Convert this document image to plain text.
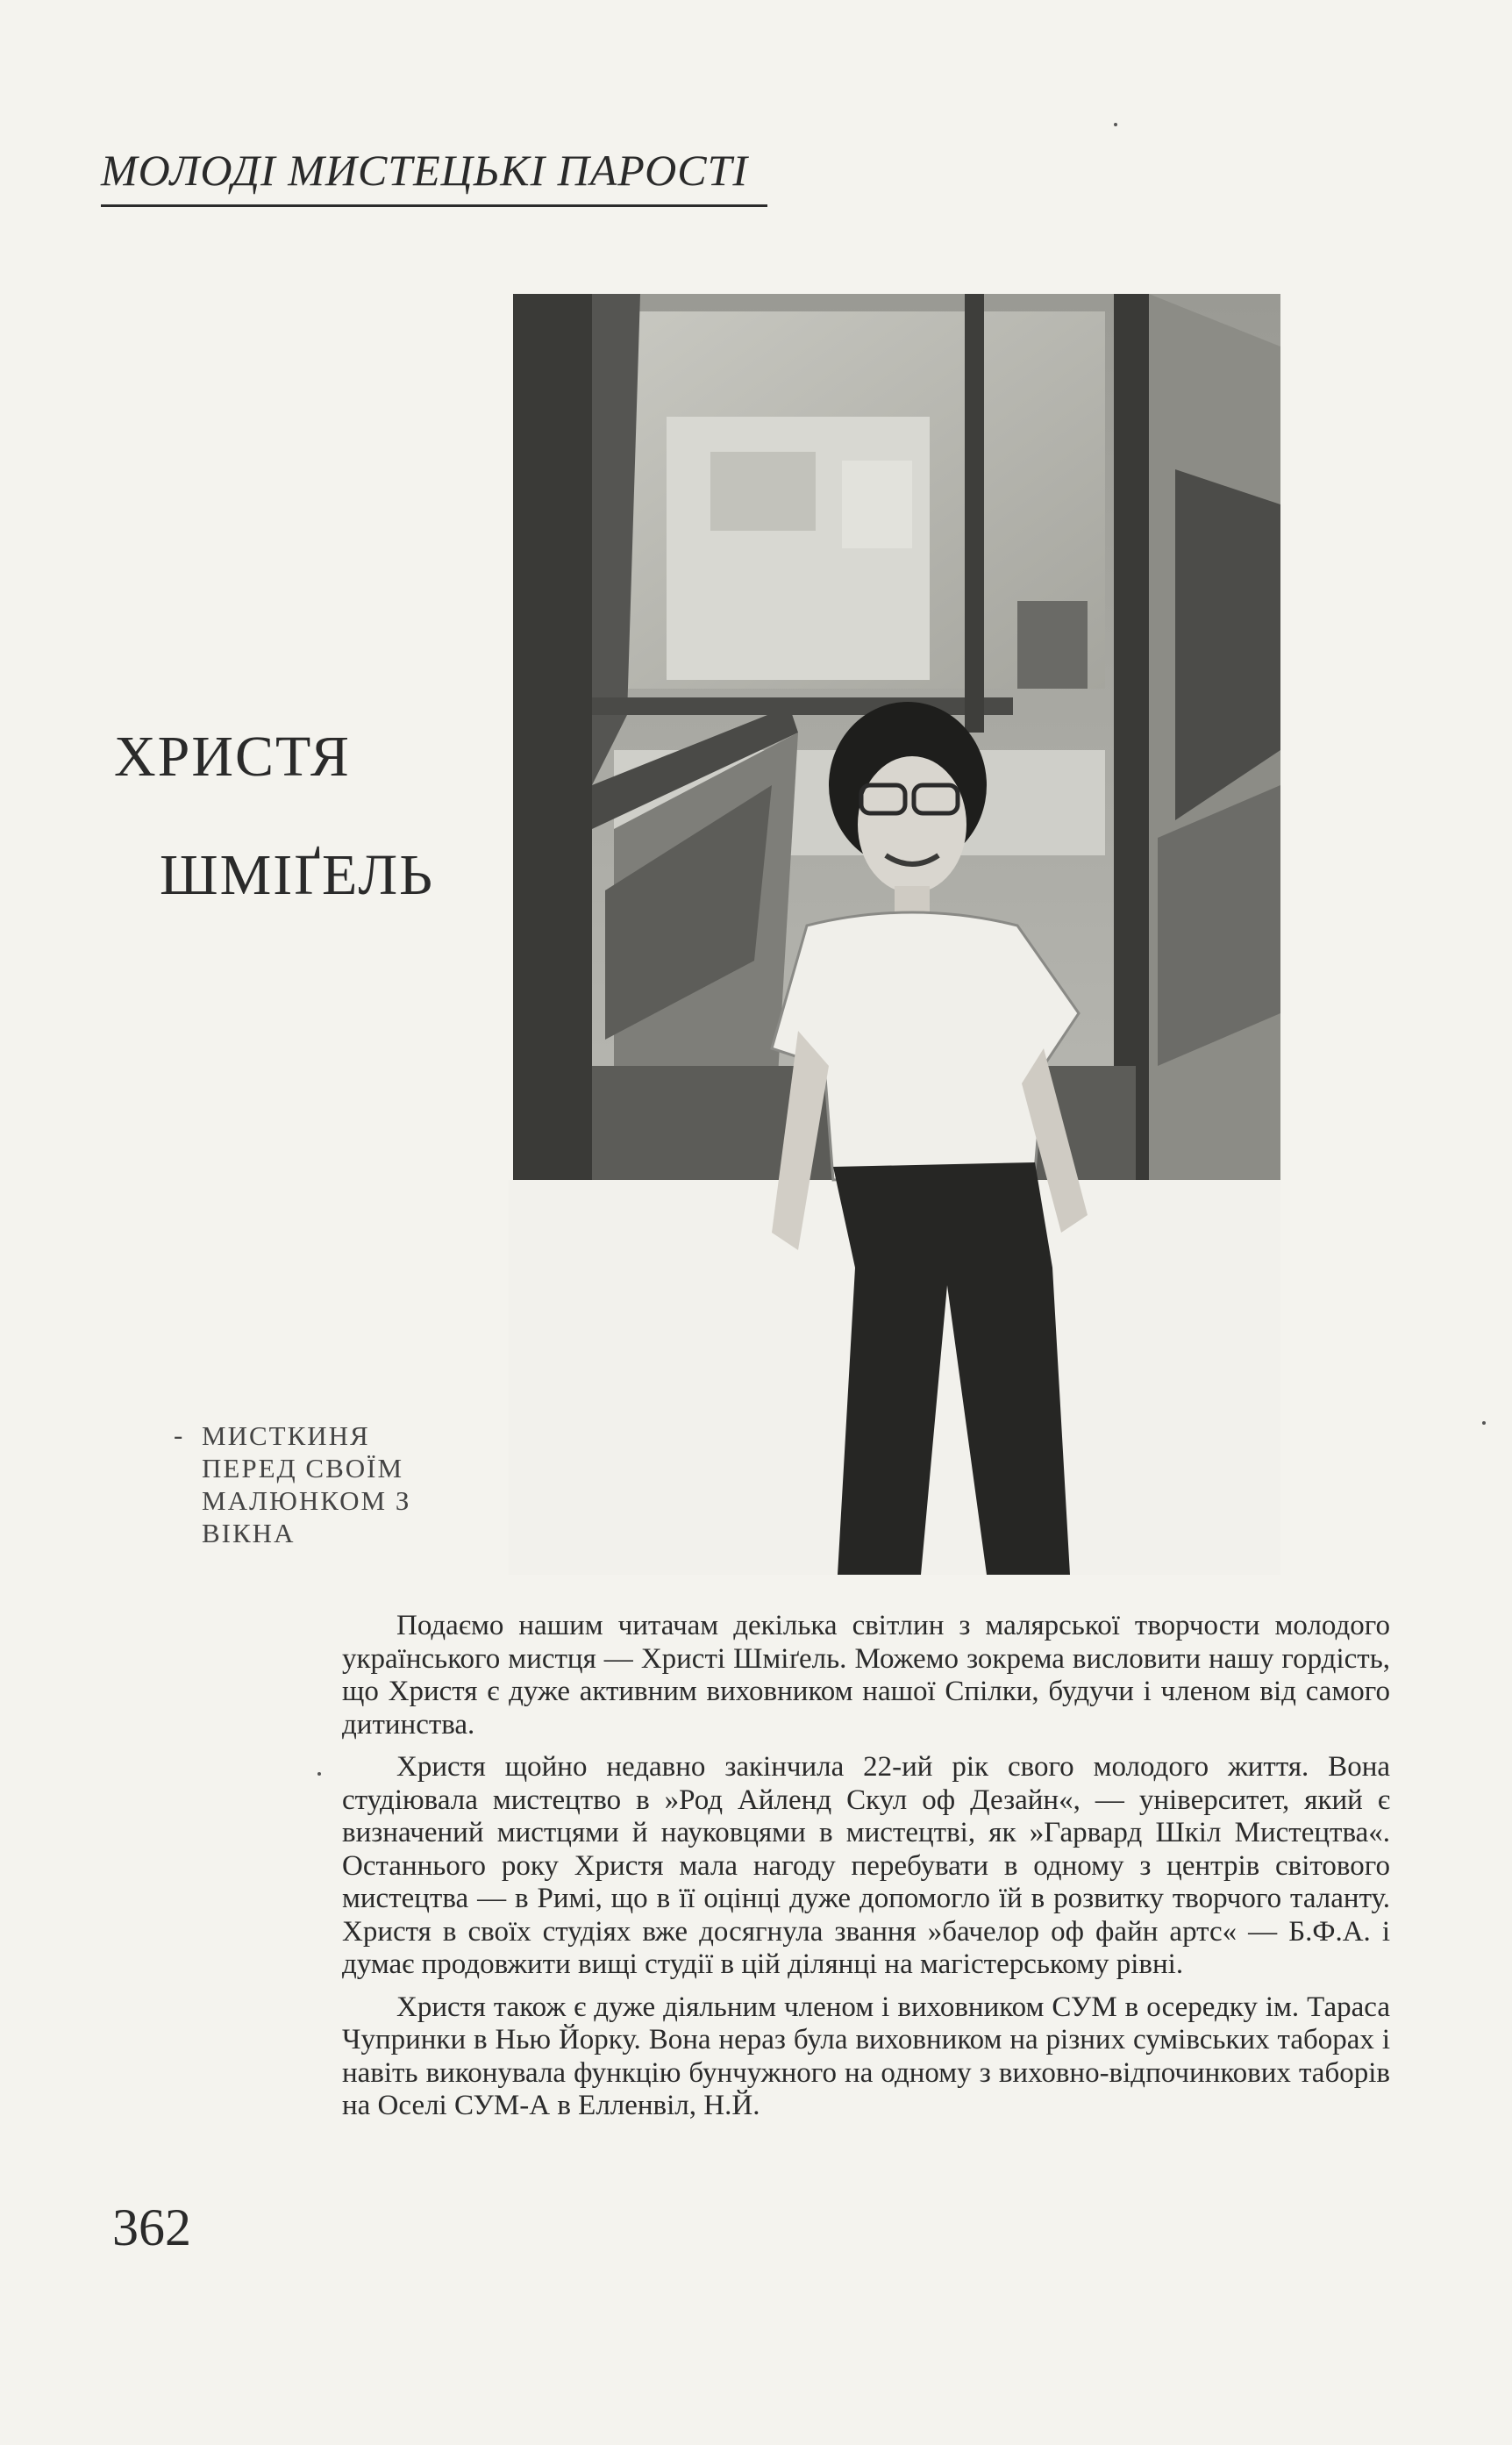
МОЛОДІ МИСТЕЦЬКІ ПАРОСТІ
ХРИСТЯ
ШМІҐЕЛЬ
- МИСТКИНЯ ПЕРЕД СВОЇМ МАЛЮНКОМ З ВІКНА

Подаємо нашим читачам декілька світлин з малярської творчости молодого українського мистця — Христі Шміґель. Можемо зокрема висловити нашу гордість, що Христя є дуже активним виховником нашої Спілки, будучи і членом від самого дитинства.

Христя щойно недавно закінчила 22-ий рік свого молодого життя. Вона студіювала мистецтво в »Род Айленд Скул оф Дезайн«, — університет, який є визначений мистцями й науковцями в мистецтві, як »Гарвард Шкіл Мистецтва«. Останнього року Христя мала нагоду перебувати в одному з центрів світового мистецтва — в Римі, що в її оцінці дуже допомогло їй в розвитку творчого таланту. Христя в своїх студіях вже досягнула звання »бачелор оф файн артс« — Б.Ф.А. і думає продовжити вищі студії в цій ділянці на магістерському рівні.

Христя також є дуже діяльним членом і виховником СУМ в осередку ім. Тараса Чупринки в Нью Йорку. Вона нераз була виховником на різних сумівських таборах і навіть виконувала функцію бунчужного на одному з виховно-відпочинкових таборів на Оселі СУМ-А в Елленвіл, Н.Й.

362
